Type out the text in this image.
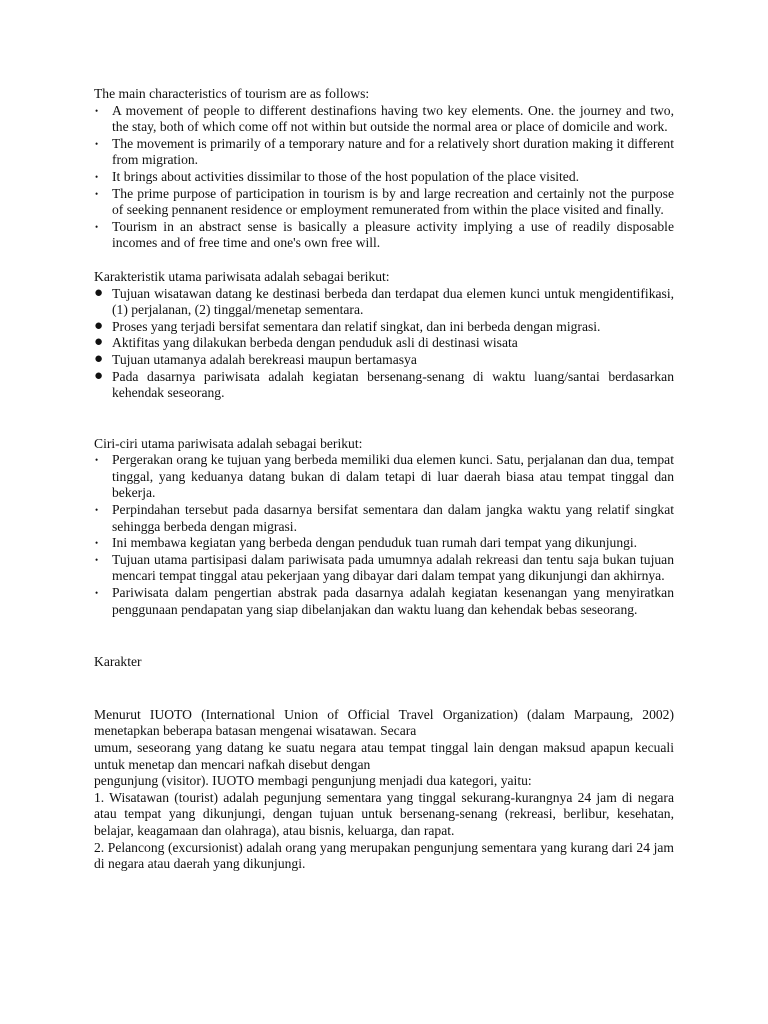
The main characteristics of tourism are as follows:
• A movement of people to different destinafions having two key elements. One. the journey and two, the stay, both of which come off not within but outside the normal area or place of domicile and work.
• The movement is primarily of a temporary nature and for a relatively short duration making it different from migration.
• It brings about activities dissimilar to those of the host population of the place visited.
• The prime purpose of participation in tourism is by and large recreation and certainly not the purpose of seeking pennanent residence or employment remunerated from within the place visited and finally.
• Tourism in an abstract sense is basically a pleasure activity implying a use of readily disposable incomes and of free time and one's own free will.
Karakteristik utama pariwisata adalah sebagai berikut:
● Tujuan wisatawan datang ke destinasi berbeda dan terdapat dua elemen kunci untuk mengidentifikasi, (1) perjalanan, (2) tinggal/menetap sementara.
● Proses yang terjadi bersifat sementara dan relatif singkat, dan ini berbeda dengan migrasi.
● Aktifitas yang dilakukan berbeda dengan penduduk asli di destinasi wisata
● Tujuan utamanya adalah berekreasi maupun bertamasya
● Pada dasarnya pariwisata adalah kegiatan bersenang-senang di waktu luang/santai berdasarkan kehendak seseorang.
Ciri-ciri utama pariwisata adalah sebagai berikut:
• Pergerakan orang ke tujuan yang berbeda memiliki dua elemen kunci. Satu, perjalanan dan dua, tempat tinggal, yang keduanya datang bukan di dalam tetapi di luar daerah biasa atau tempat tinggal dan bekerja.
• Perpindahan tersebut pada dasarnya bersifat sementara dan dalam jangka waktu yang relatif singkat sehingga berbeda dengan migrasi.
• Ini membawa kegiatan yang berbeda dengan penduduk tuan rumah dari tempat yang dikunjungi.
• Tujuan utama partisipasi dalam pariwisata pada umumnya adalah rekreasi dan tentu saja bukan tujuan mencari tempat tinggal atau pekerjaan yang dibayar dari dalam tempat yang dikunjungi dan akhirnya.
• Pariwisata dalam pengertian abstrak pada dasarnya adalah kegiatan kesenangan yang menyiratkan penggunaan pendapatan yang siap dibelanjakan dan waktu luang dan kehendak bebas seseorang.
Karakter

Menurut IUOTO (International Union of Official Travel Organization) (dalam Marpaung, 2002) menetapkan beberapa batasan mengenai wisatawan. Secara

umum, seseorang yang datang ke suatu negara atau tempat tinggal lain dengan maksud apapun kecuali untuk menetap dan mencari nafkah disebut dengan

pengunjung (visitor). IUOTO membagi pengunjung menjadi dua kategori, yaitu:

1. Wisatawan (tourist) adalah pegunjung sementara yang tinggal sekurang-kurangnya 24 jam di negara atau tempat yang dikunjungi, dengan tujuan untuk bersenang-senang (rekreasi, berlibur, kesehatan, belajar, keagamaan dan olahraga), atau bisnis, keluarga, dan rapat.

2. Pelancong (excursionist) adalah orang yang merupakan pengunjung sementara yang kurang dari 24 jam di negara atau daerah yang dikunjungi.
